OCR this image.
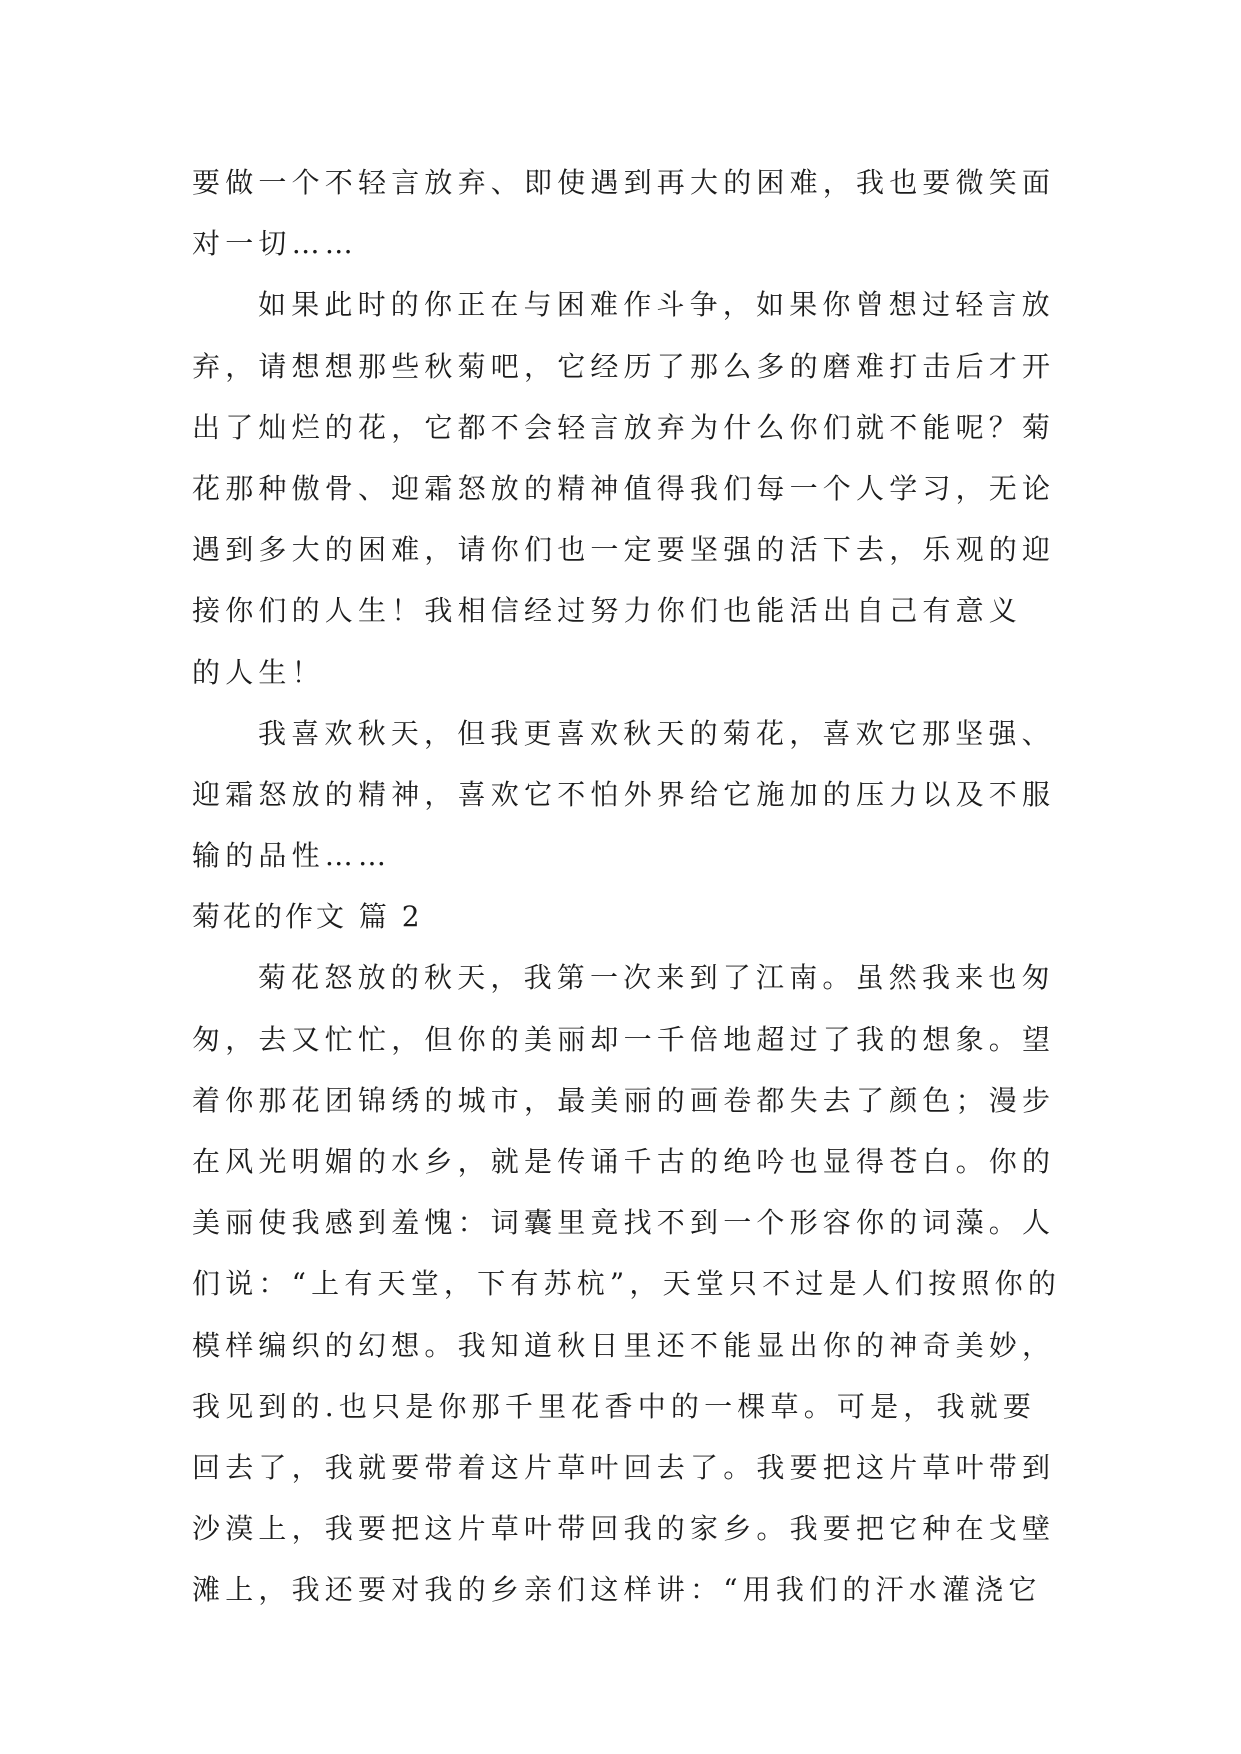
要做一个不轻言放弃、即使遇到再大的困难，我也要微笑面
对一切……
如果此时的你正在与困难作斗争，如果你曾想过轻言放
弃，请想想那些秋菊吧，它经历了那么多的磨难打击后才开
出了灿烂的花，它都不会轻言放弃为什么你们就不能呢？菊
花那种傲骨、迎霜怒放的精神值得我们每一个人学习，无论
遇到多大的困难，请你们也一定要坚强的活下去，乐观的迎
接你们的人生！我相信经过努力你们也能活出自己有意义
的人生！
我喜欢秋天，但我更喜欢秋天的菊花，喜欢它那坚强、
迎霜怒放的精神，喜欢它不怕外界给它施加的压力以及不服
输的品性……
菊花的作文 篇 2
菊花怒放的秋天，我第一次来到了江南。虽然我来也匆
匆，去又忙忙，但你的美丽却一千倍地超过了我的想象。望
着你那花团锦绣的城市，最美丽的画卷都失去了颜色；漫步
在风光明媚的水乡，就是传诵千古的绝吟也显得苍白。你的
美丽使我感到羞愧：词囊里竟找不到一个形容你的词藻。人
们说：“上有天堂，下有苏杭”，天堂只不过是人们按照你的
模样编织的幻想。我知道秋日里还不能显出你的神奇美妙，
我见到的.也只是你那千里花香中的一棵草。可是，我就要
回去了，我就要带着这片草叶回去了。我要把这片草叶带到
沙漠上，我要把这片草叶带回我的家乡。我要把它种在戈壁
滩上，我还要对我的乡亲们这样讲：“用我们的汗水灌浇它
